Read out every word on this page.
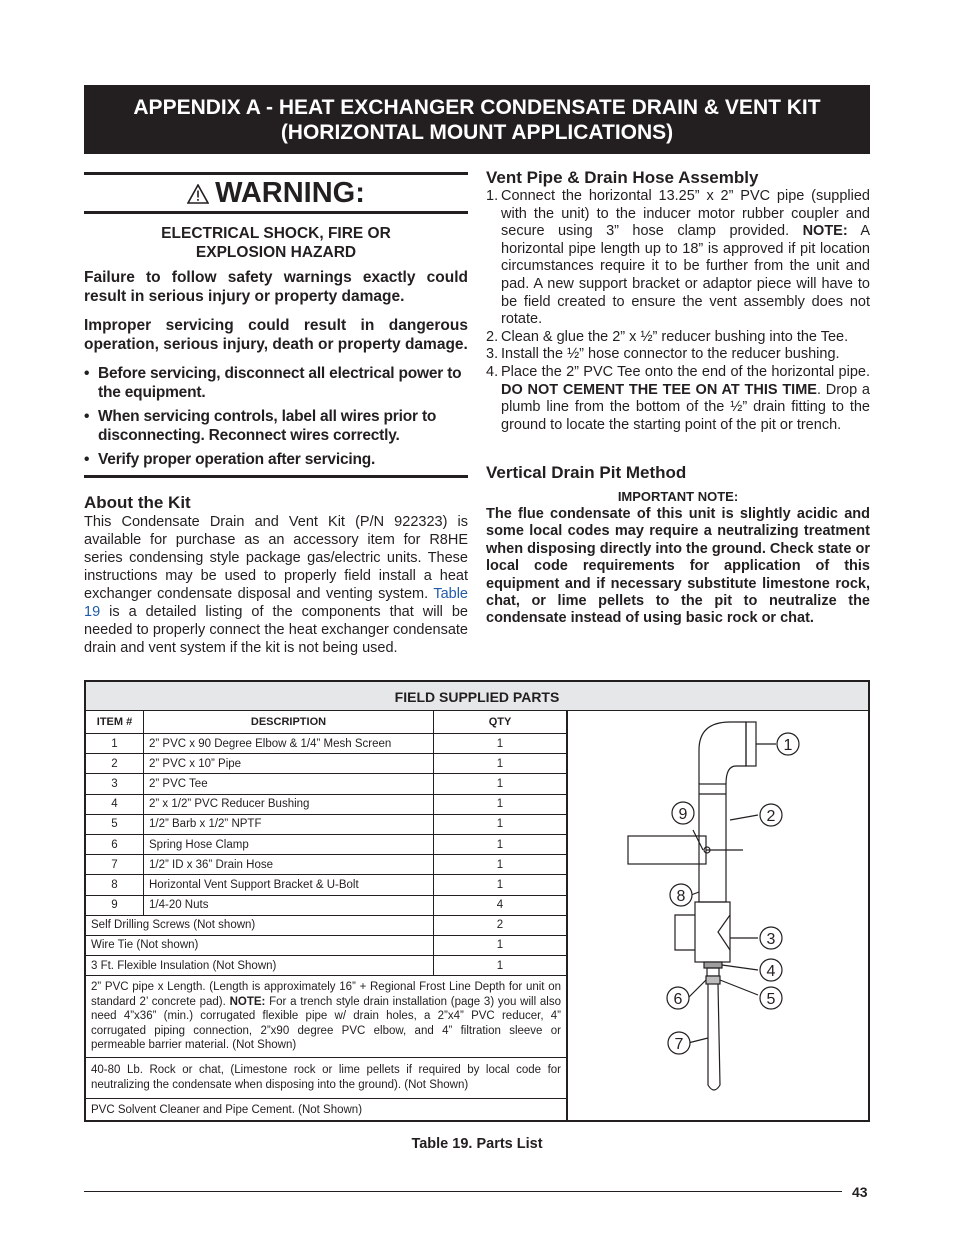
APPENDIX A - HEAT EXCHANGER CONDENSATE DRAIN & VENT KIT
(HORIZONTAL MOUNT APPLICATIONS)
WARNING:

ELECTRICAL SHOCK, FIRE OR
EXPLOSION HAZARD

Failure to follow safety warnings exactly could result in serious injury or property damage.

Improper servicing could result in dangerous operation, serious injury, death or property damage.

• Before servicing, disconnect all electrical power to the equipment.
• When servicing controls, label all wires prior to disconnecting. Reconnect wires correctly.
• Verify proper operation after servicing.
About the Kit

This Condensate Drain and Vent Kit (P/N 922323) is available for purchase as an accessory item for R8HE series condensing style package gas/electric units. These instructions may be used to properly field install a heat exchanger condensate disposal and venting system. Table 19 is a detailed listing of the components that will be needed to properly connect the heat exchanger condensate drain and vent system if the kit is not being used.

Vent Pipe & Drain Hose Assembly
1. Connect the horizontal 13.25” x 2” PVC pipe (supplied with the unit) to the inducer motor rubber coupler and secure using 3” hose clamp provided. NOTE: A horizontal pipe length up to 18” is approved if pit location circumstances require it to be further from the unit and pad. A new support bracket or adaptor piece will have to be field created to ensure the vent assembly does not rotate.
2. Clean & glue the 2” x ½” reducer bushing into the Tee.
3. Install the ½” hose connector to the reducer bushing.
4. Place the 2” PVC Tee onto the end of the horizontal pipe. DO NOT CEMENT THE TEE ON AT THIS TIME. Drop a plumb line from the bottom of the ½” drain fitting to the ground to locate the starting point of the pit or trench.
Vertical Drain Pit Method
IMPORTANT NOTE:

The flue condensate of this unit is slightly acidic and some local codes may require a neutralizing treatment when disposing directly into the ground. Check state or local code requirements for application of this equipment and if necessary substitute limestone rock, chat, or lime pellets to the pit to neutralize the condensate instead of using basic rock or chat.

FIELD SUPPLIED PARTS
ITEM #	DESCRIPTION	QTY
1	2” PVC x 90 Degree Elbow & 1/4” Mesh Screen	1
2	2” PVC x 10” Pipe	1
3	2” PVC Tee	1
4	2” x 1/2” PVC Reducer Bushing	1
5	1/2” Barb x 1/2” NPTF	1
6	Spring Hose Clamp	1
7	1/2” ID x 36” Drain Hose	1
8	Horizontal Vent Support Bracket & U-Bolt	1
9	1/4-20 Nuts	4
Self Drilling Screws (Not shown)		2
Wire Tie (Not shown)		1
3 Ft. Flexible Insulation (Not Shown)		1
2” PVC pipe x Length. (Length is approximately 16” + Regional Frost Line Depth for unit on standard 2’ concrete pad). NOTE: For a trench style drain installation (page 3) you will also need 4”x36” (min.) corrugated flexible pipe w/ drain holes, a 2”x4” PVC reducer, 4” corrugated piping connection, 2”x90 degree PVC elbow, and 4” filtration sleeve or permeable barrier material. (Not Shown)		
40-80 Lb. Rock or chat, (Limestone rock or lime pellets if required by local code for neutralizing the condensate when disposing into the ground). (Not Shown)		
PVC Solvent Cleaner and Pipe Cement. (Not Shown)		
1
2
3
4
5
6
7
8
9
Table 19. Parts List
43
